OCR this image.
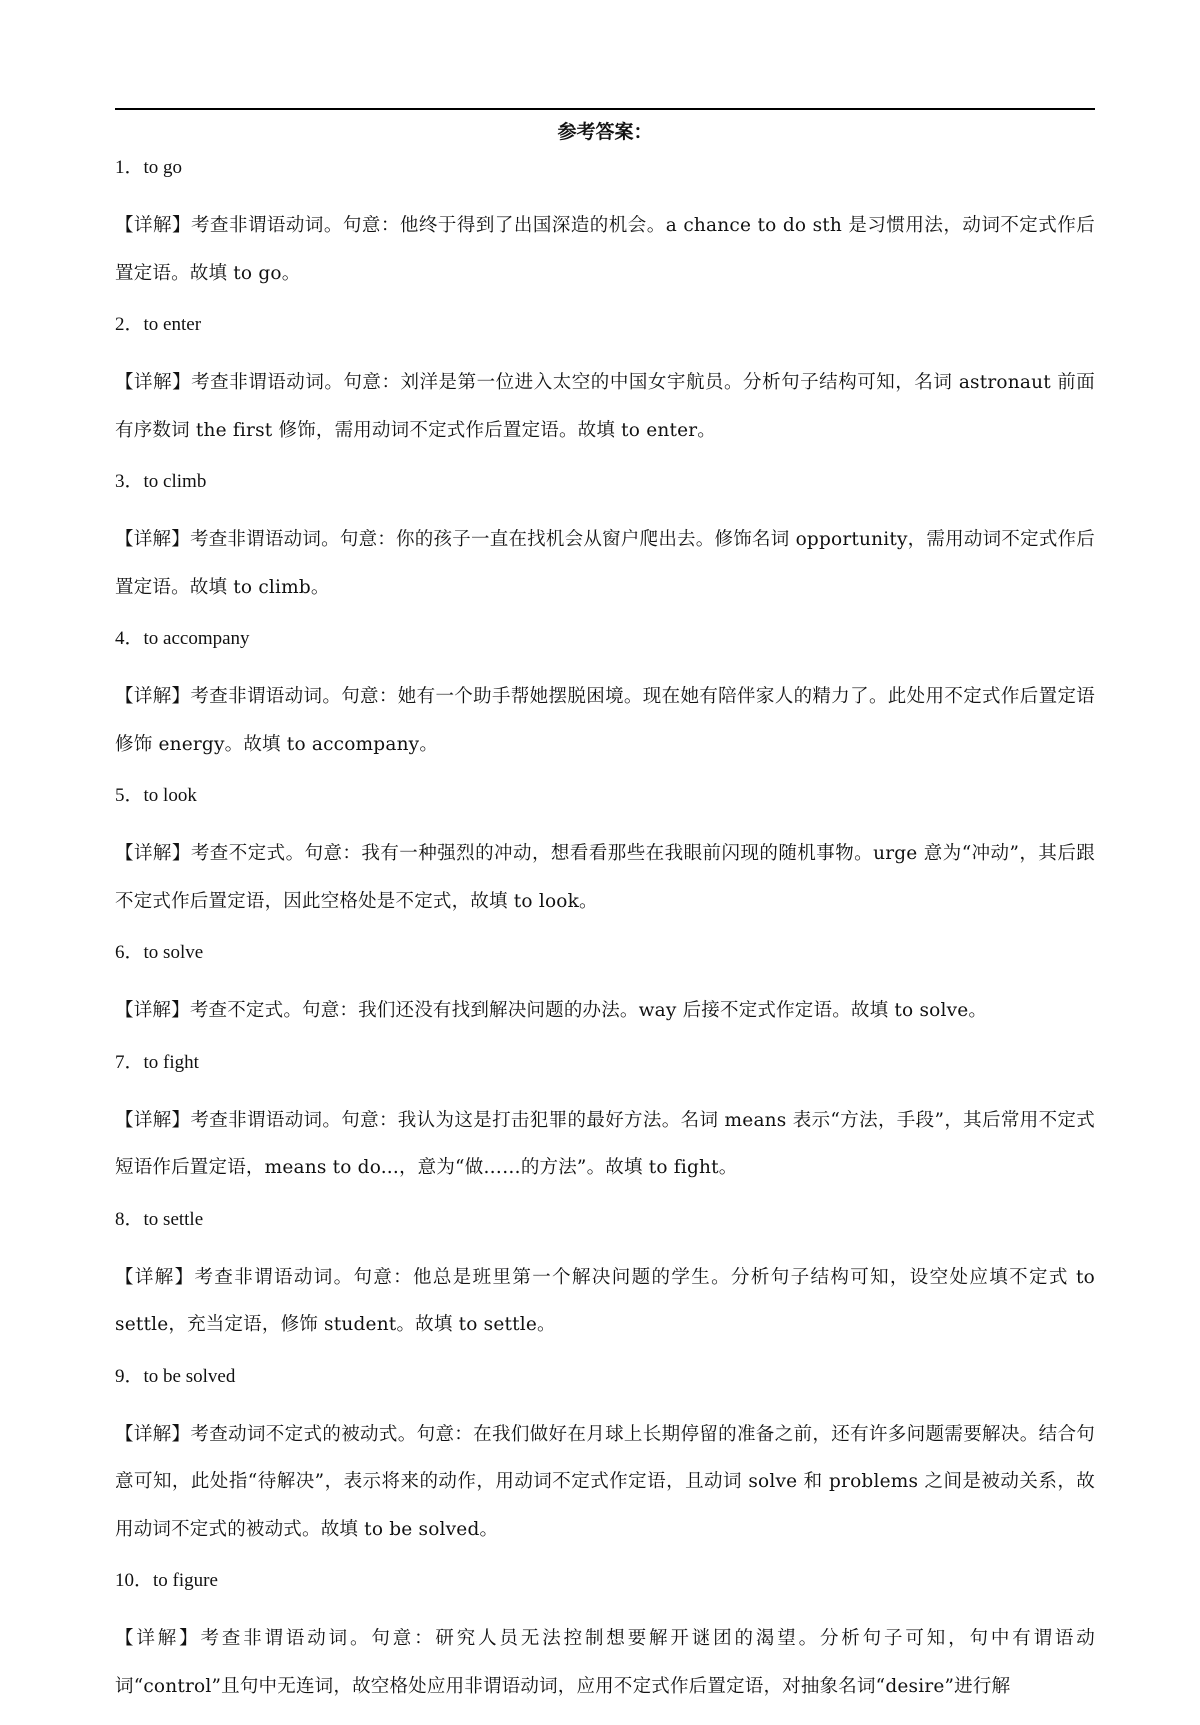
参考答案：
1 ． to go
【详解】考查非谓语动词。句意：他终于得到了出国深造的机会。a chance to do sth 是习惯用法，动词不定式作后置定语。故填 to go。
2 ． to enter
【详解】考查非谓语动词。句意：刘洋是第一位进入太空的中国女宇航员。分析句子结构可知，名词 astronaut 前面有序数词 the first 修饰，需用动词不定式作后置定语。故填 to enter。
3 ． to climb
【详解】考查非谓语动词。句意：你的孩子一直在找机会从窗户爬出去。修饰名词 opportunity，需用动词不定式作后置定语。故填 to climb。
4 ． to accompany
【详解】考查非谓语动词。句意：她有一个助手帮她摆脱困境。现在她有陪伴家人的精力了。此处用不定式作后置定语修饰 energy。故填 to accompany。
5 ． to look
【详解】考查不定式。句意：我有一种强烈的冲动，想看看那些在我眼前闪现的随机事物。urge 意为“冲动”，其后跟不定式作后置定语，因此空格处是不定式，故填 to look。
6 ． to solve
【详解】考查不定式。句意：我们还没有找到解决问题的办法。way 后接不定式作定语。故填 to solve。
7 ． to fight
【详解】考查非谓语动词。句意：我认为这是打击犯罪的最好方法。名词 means 表示“方法，手段”，其后常用不定式短语作后置定语，means to do...，意为“做……的方法”。故填 to fight。
8 ． to settle
【详解】考查非谓语动词。句意：他总是班里第一个解决问题的学生。分析句子结构可知，设空处应填不定式 to settle，充当定语，修饰 student。故填 to settle。
9 ． to be solved
【详解】考查动词不定式的被动式。句意：在我们做好在月球上长期停留的准备之前，还有许多问题需要解决。结合句意可知，此处指“待解决”，表示将来的动作，用动词不定式作定语，且动词 solve 和 problems 之间是被动关系，故用动词不定式的被动式。故填 to be solved。
10 ． to figure
【详解】考查非谓语动词。句意：研究人员无法控制想要解开谜团的渴望。分析句子可知，句中有谓语动词“control”且句中无连词，故空格处应用非谓语动词，应用不定式作后置定语，对抽象名词“desire”进行解
